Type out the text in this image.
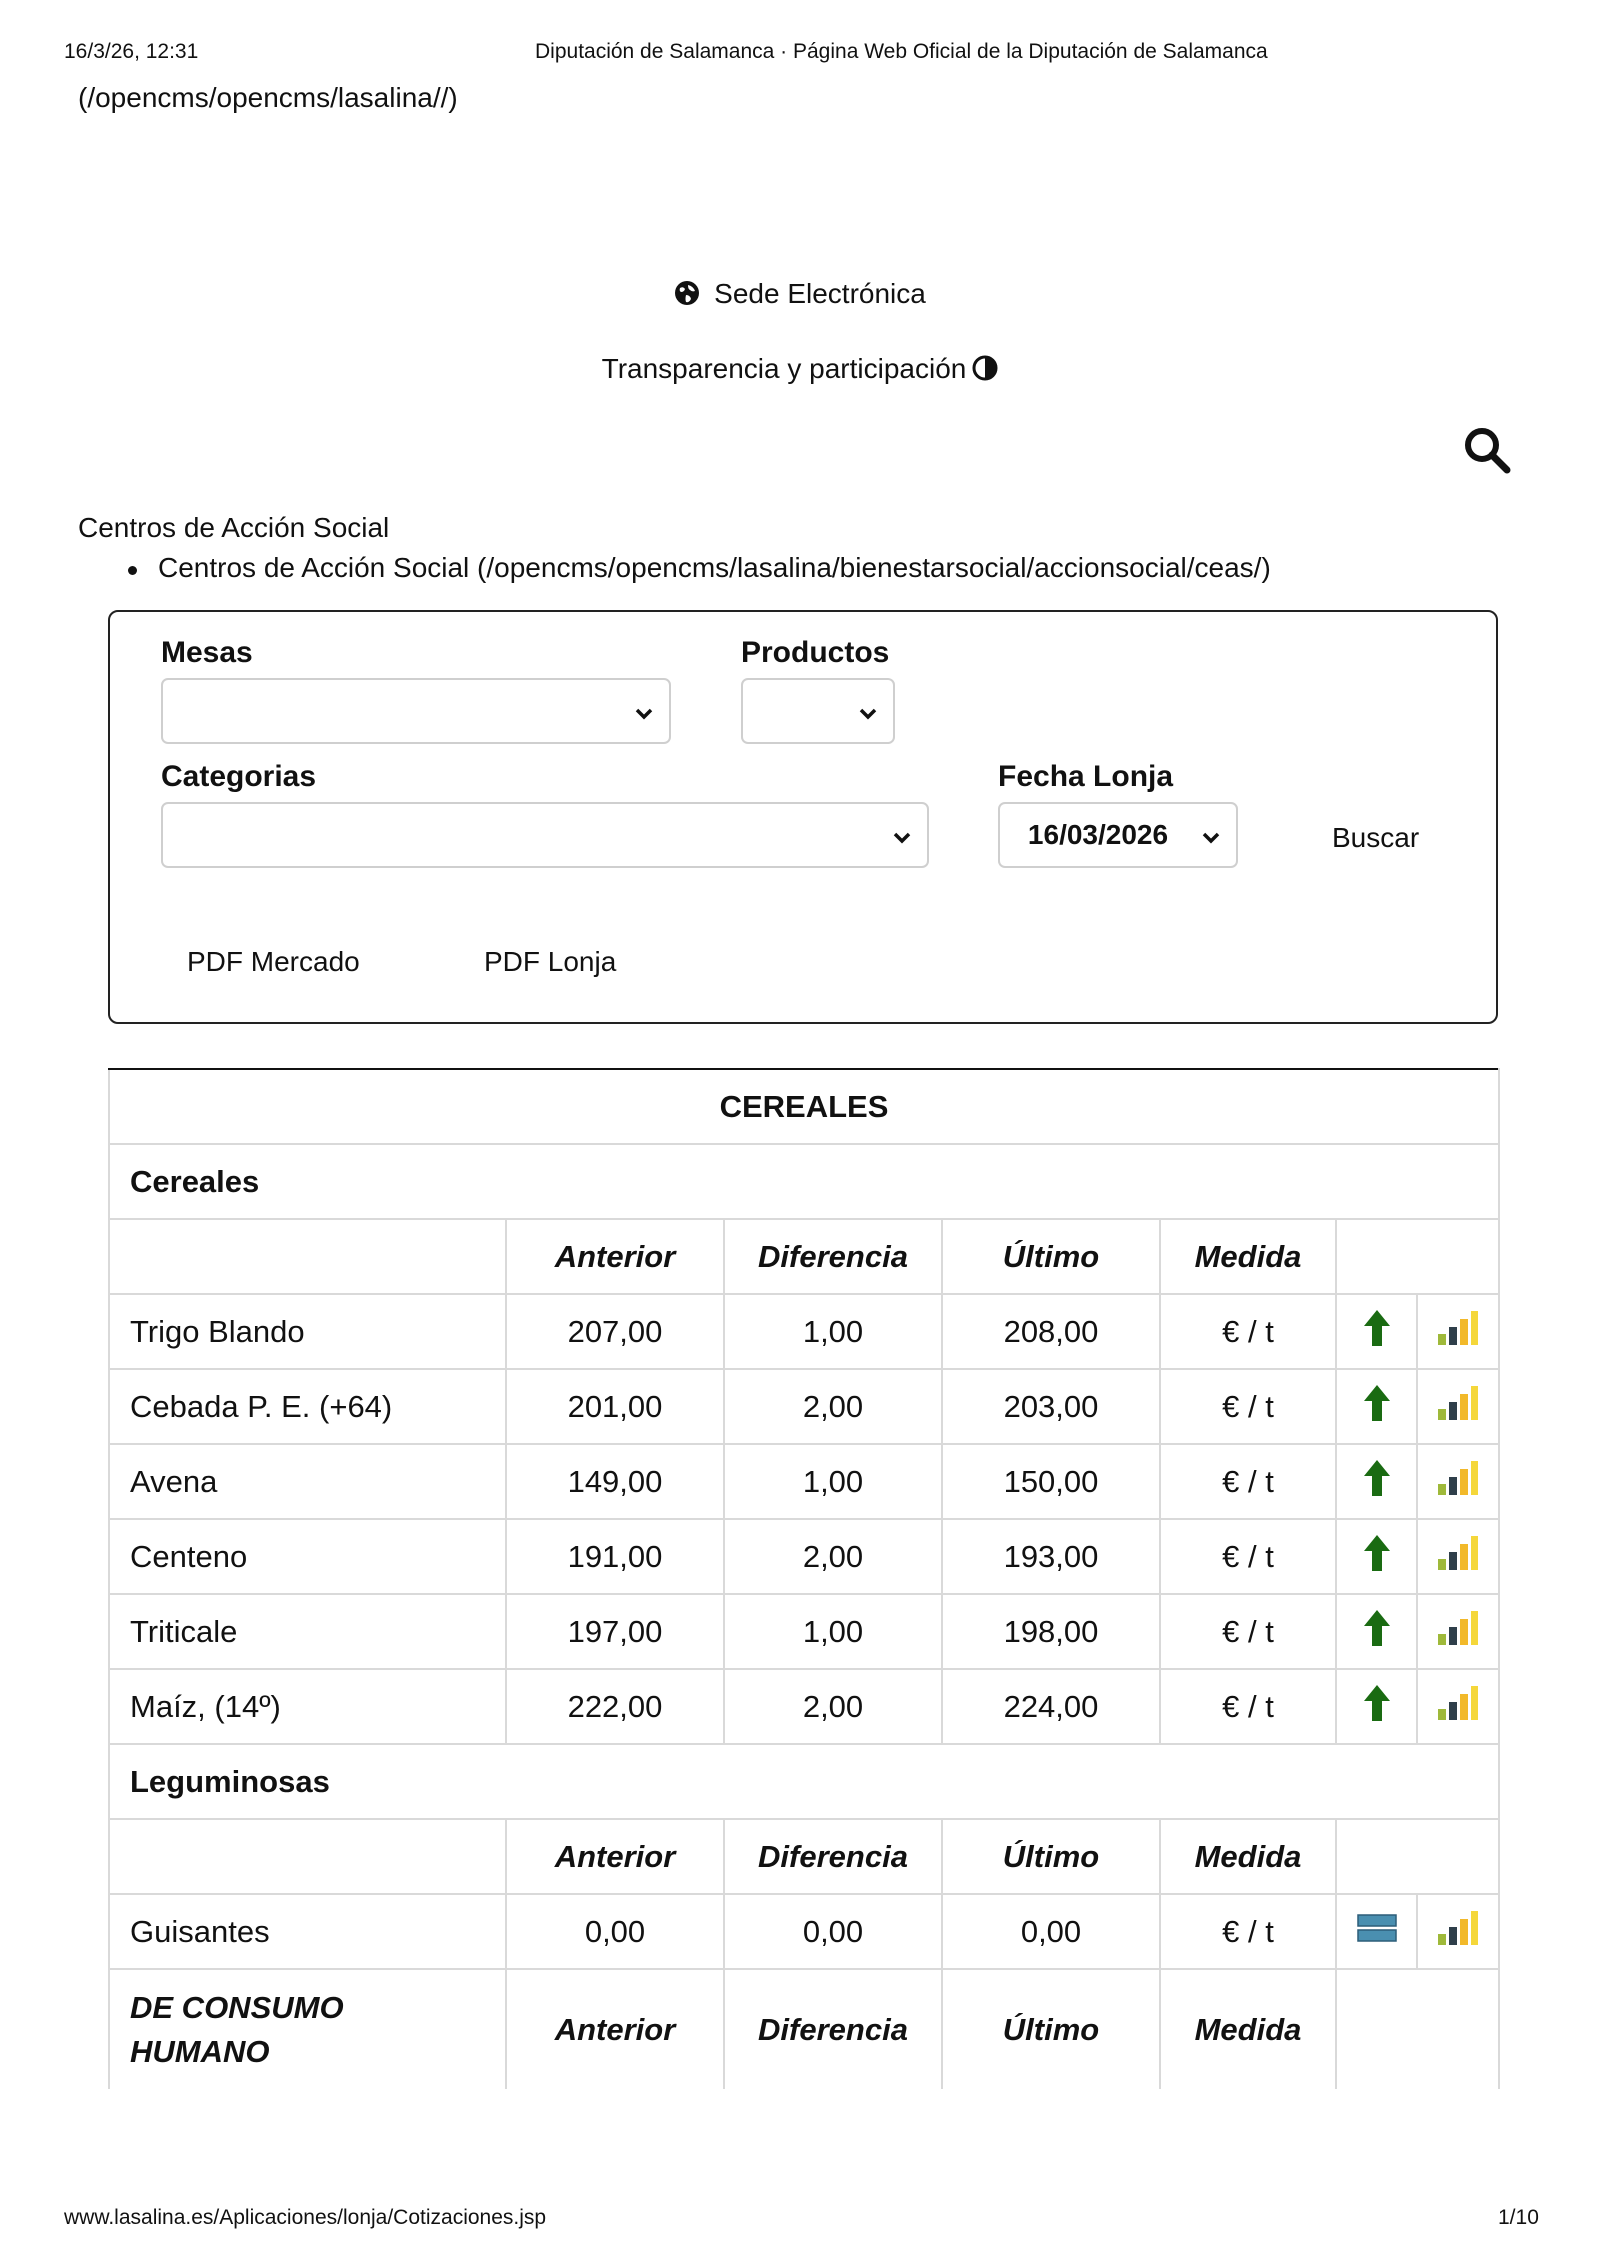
16/3/26, 12:31	Diputación de Salamanca · Página Web Oficial de la Diputación de Salamanca
(/opencms/opencms/lasalina//)
Sede Electrónica
Transparencia y participación
Centros de Acción Social
Centros de Acción Social (/opencms/opencms/lasalina/bienestarsocial/accionsocial/ceas/)
Mesas	Productos
Categorias	Fecha Lonja
16/03/2026	Buscar
PDF Mercado	PDF Lonja
CEREALES						
Cereales						
	Anterior	Diferencia	Último	Medida		
Trigo Blando	207,00	1,00	208,00	€ / t		
Cebada P. E. (+64)	201,00	2,00	203,00	€ / t		
Avena	149,00	1,00	150,00	€ / t		
Centeno	191,00	2,00	193,00	€ / t		
Triticale	197,00	1,00	198,00	€ / t		
Maíz, (14º)	222,00	2,00	224,00	€ / t		
Leguminosas						
	Anterior	Diferencia	Último	Medida		
Guisantes	0,00	0,00	0,00	€ / t		
DE CONSUMO
HUMANO	Anterior	Diferencia	Último	Medida		
www.lasalina.es/Aplicaciones/lonja/Cotizaciones.jsp	1/10
